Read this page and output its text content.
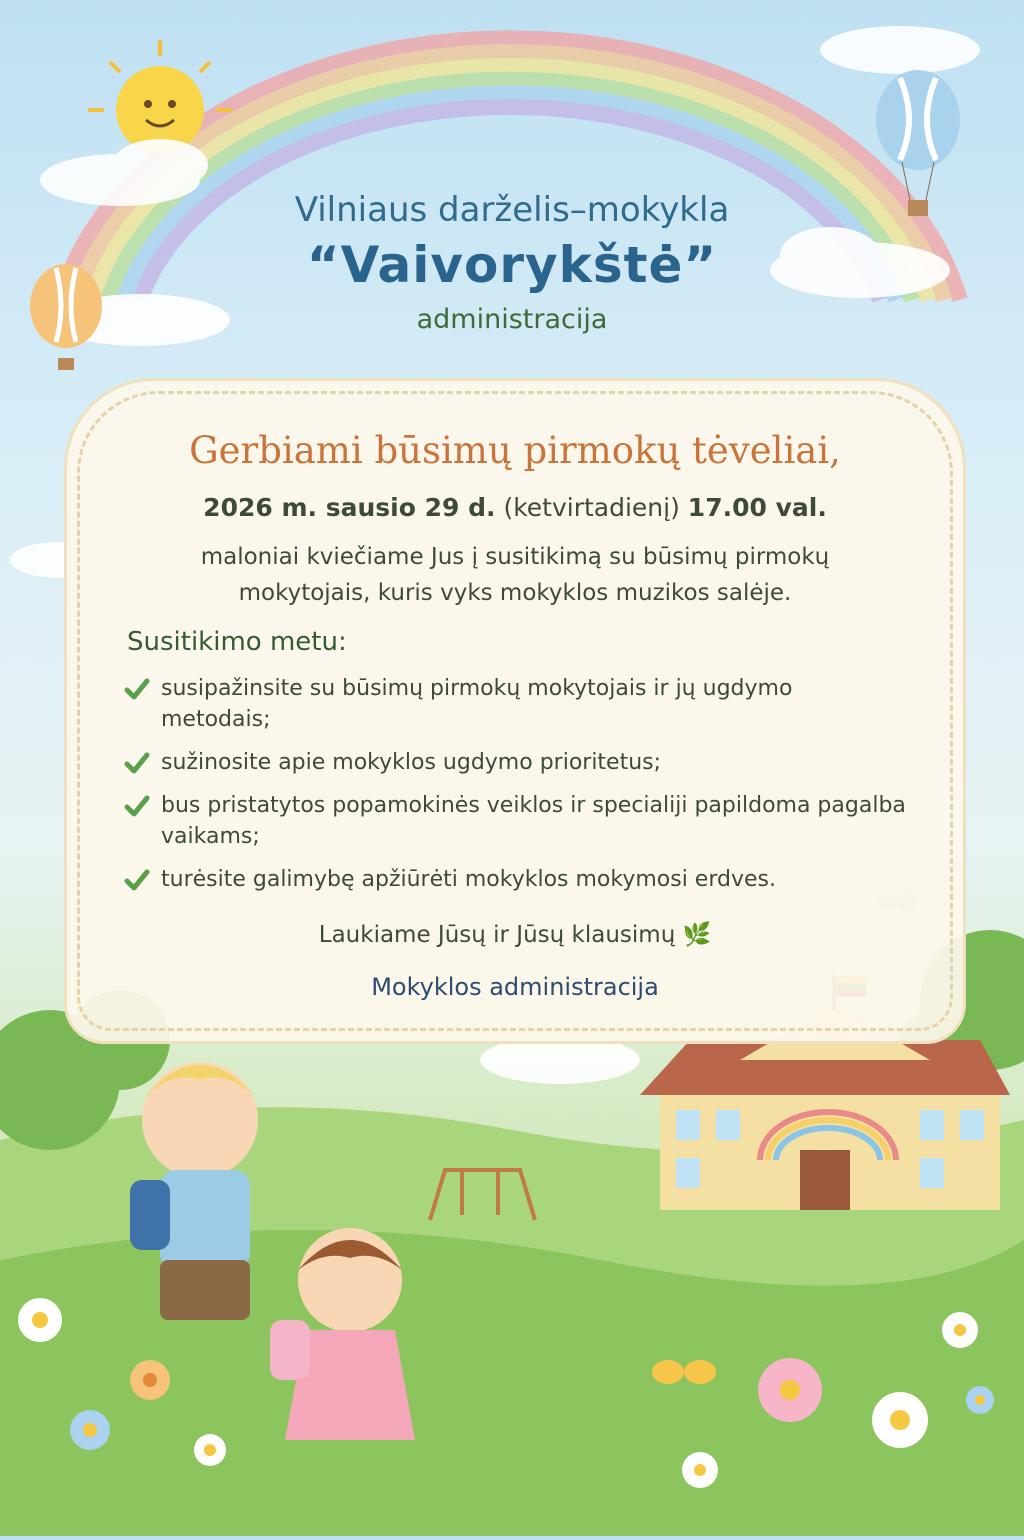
Vilniaus darželis–mokykla

“Vaivorykštė”

administracija

Gerbiami būsimų pirmokų tėveliai,

2026 m. sausio 29 d. (ketvirtadienį) 17.00 val.

maloniai kviečiame Jus į susitikimą su būsimų pirmokų
mokytojais, kuris vyks mokyklos muzikos salėje.

Susitikimo metu:

susipažinsite su būsimų pirmokų mokytojais ir jų ugdymo metodais;
sužinosite apie mokyklos ugdymo prioritetus;
bus pristatytos popamokinės veiklos ir specialiji papildoma pagalba vaikams;
turėsite galimybę apžiūrėti mokyklos mokymosi erdves.

Laukiame Jūsų ir Jūsų klausimų 🌿

Mokyklos administracija
